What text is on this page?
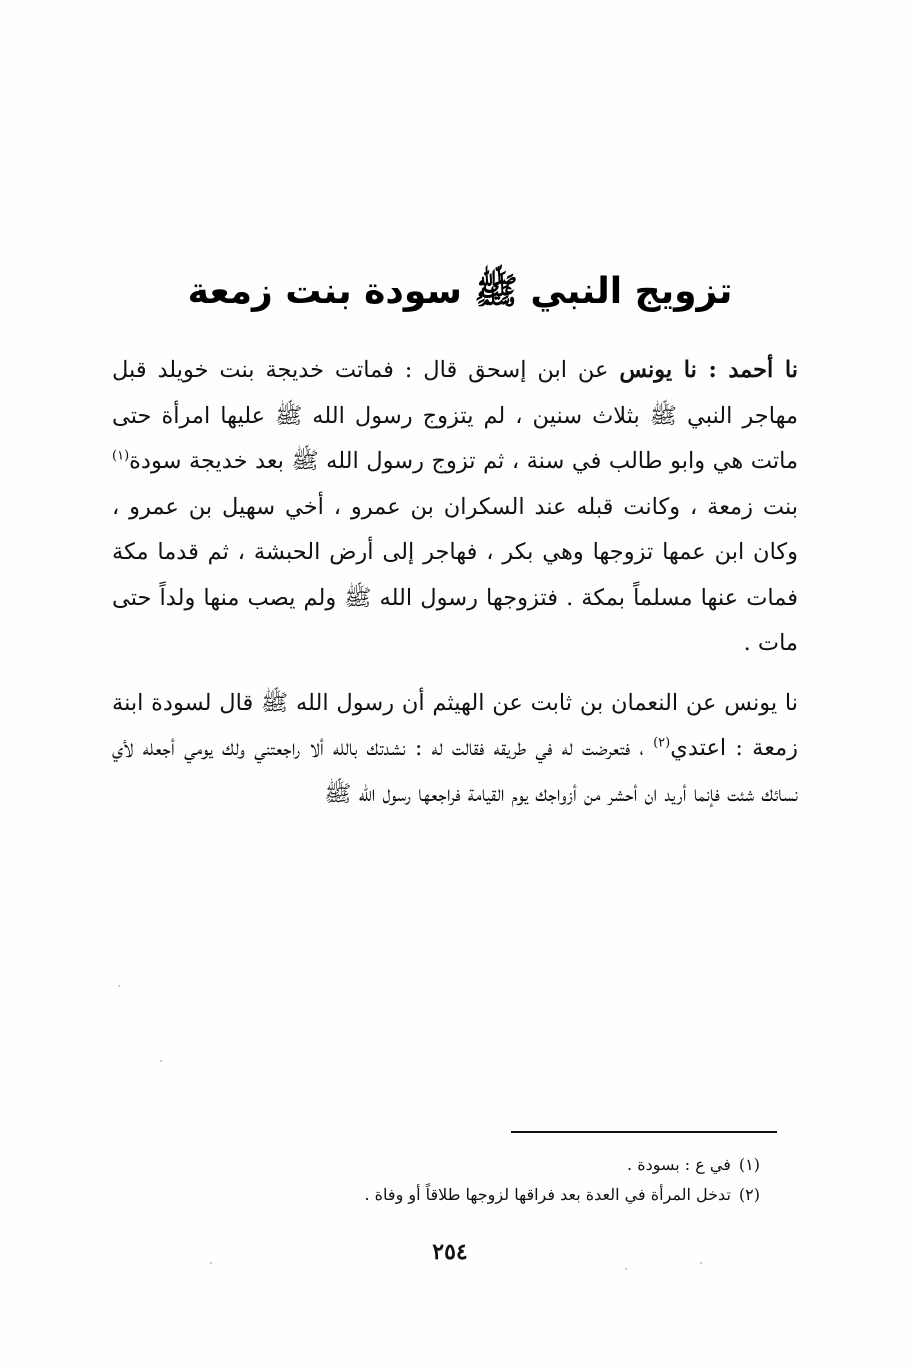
تزويج النبي ﷺ سودة بنت زمعة

نا أحمد : نا يونس عن ابن إسحق قال : فماتت خديجة بنت خويلد قبل مهاجر النبي ﷺ بثلاث سنين ، لم يتزوج رسول الله ﷺ عليها امرأة حتى ماتت هي وابو طالب في سنة ، ثم تزوج رسول الله ﷺ بعد خديجة سودة$^{(١)}$ بنت زمعة ، وكانت قبله عند السكران بن عمرو ، أخي سهيل بن عمرو ، وكان ابن عمها تزوجها وهي بكر ، فهاجر إلى أرض الحبشة ، ثم قدما مكة فمات عنها مسلماً بمكة . فتزوجها رسول الله ﷺ ولم يصب منها ولداً حتى مات .

نا يونس عن النعمان بن ثابت عن الهيثم أن رسول الله ﷺ قال لسودة ابنة زمعة : اعتدي$^{(٢)}$ ، فتعرضت له في طريقه فقالت له : نشدتك بالله ألا راجعتني ولك يومي أجعله لأي نسائك شئت فإنما أريد ان أحشر من أزواجك يوم القيامة فراجعها رسول الله ﷺ

(١)في ع : بسودة .
(٢)تدخل المرأة في العدة بعد فراقها لزوجها طلاقاً أو وفاة .
٢٥٤
